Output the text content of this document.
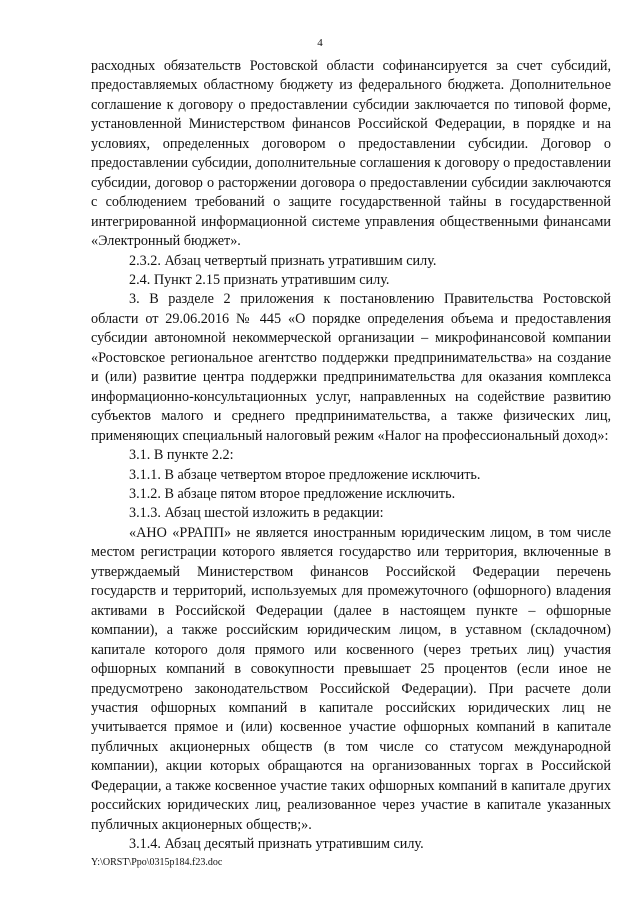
4

расходных обязательств Ростовской области софинансируется за счет субсидий, предоставляемых областному бюджету из федерального бюджета. Дополнительное соглашение к договору о предоставлении субсидии заключается по типовой форме, установленной Министерством финансов Российской Федерации, в порядке и на условиях, определенных договором о предоставлении субсидии. Договор о предоставлении субсидии, дополнительные соглашения к договору о предоставлении субсидии, договор о расторжении договора о предоставлении субсидии заключаются с соблюдением требований о защите государственной тайны в государственной интегрированной информационной системе управления общественными финансами «Электронный бюджет».

2.3.2. Абзац четвертый признать утратившим силу.

2.4. Пункт 2.15 признать утратившим силу.

3. В разделе 2 приложения к постановлению Правительства Ростовской области от 29.06.2016 № 445 «О порядке определения объема и предоставления субсидии автономной некоммерческой организации – микрофинансовой компании «Ростовское региональное агентство поддержки предпринимательства» на создание и (или) развитие центра поддержки предпринимательства для оказания комплекса информационно-консультационных услуг, направленных на содействие развитию субъектов малого и среднего предпринимательства, а также физических лиц, применяющих специальный налоговый режим «Налог на профессиональный доход»:

3.1. В пункте 2.2:

3.1.1. В абзаце четвертом второе предложение исключить.

3.1.2. В абзаце пятом второе предложение исключить.

3.1.3. Абзац шестой изложить в редакции:

«АНО «РРАПП» не является иностранным юридическим лицом, в том числе местом регистрации которого является государство или территория, включенные в утверждаемый Министерством финансов Российской Федерации перечень государств и территорий, используемых для промежуточного (офшорного) владения активами в Российской Федерации (далее в настоящем пункте – офшорные компании), а также российским юридическим лицом, в уставном (складочном) капитале которого доля прямого или косвенного (через третьих лиц) участия офшорных компаний в совокупности превышает 25 процентов (если иное не предусмотрено законодательством Российской Федерации). При расчете доли участия офшорных компаний в капитале российских юридических лиц не учитывается прямое и (или) косвенное участие офшорных компаний в капитале публичных акционерных обществ (в том числе со статусом международной компании), акции которых обращаются на организованных торгах в Российской Федерации, а также косвенное участие таких офшорных компаний в капитале других российских юридических лиц, реализованное через участие в капитале указанных публичных акционерных обществ;».

3.1.4. Абзац десятый признать утратившим силу.

Y:\ORST\Ppo\0315p184.f23.doc
